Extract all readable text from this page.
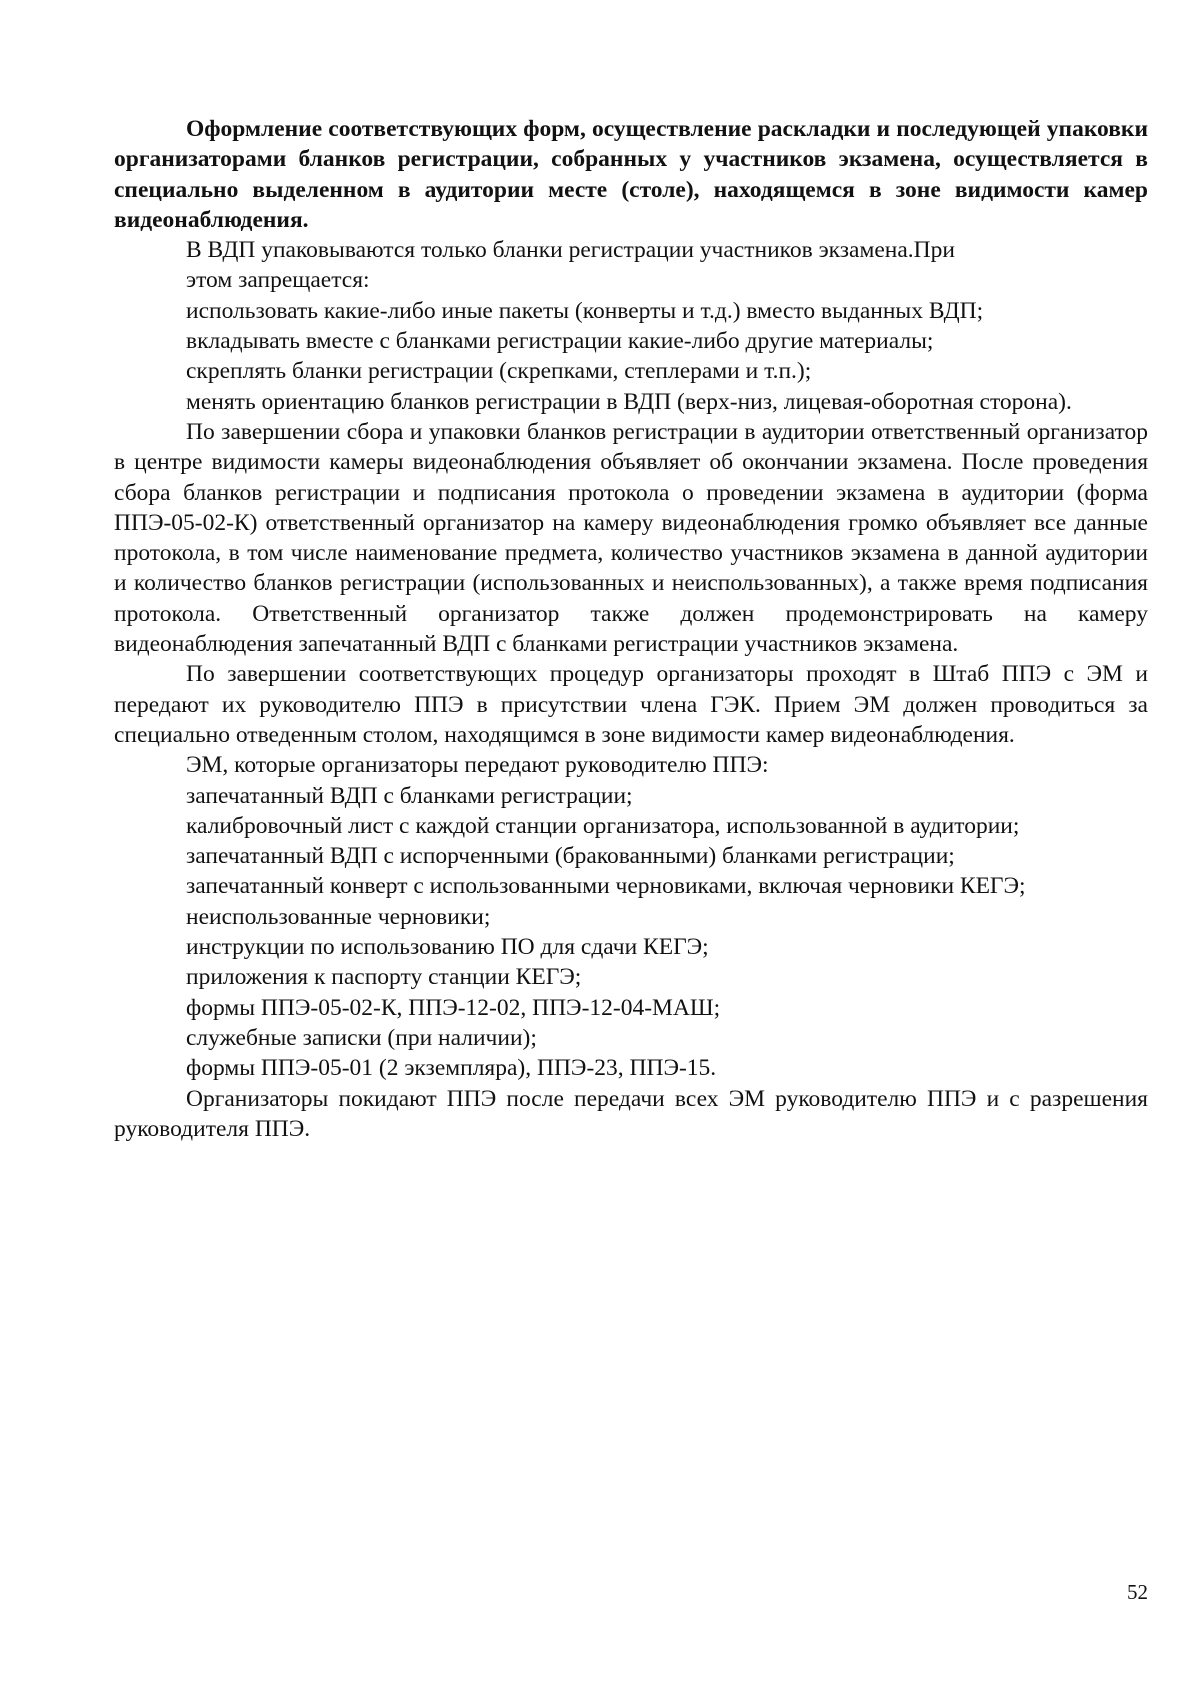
Оформление соответствующих форм, осуществление раскладки и последующей упаковки организаторами бланков регистрации, собранных у участников экзамена, осуществляется в специально выделенном в аудитории месте (столе), находящемся в зоне видимости камер видеонаблюдения.

В ВДП упаковываются только бланки регистрации участников экзамена.При

этом запрещается:

использовать какие-либо иные пакеты (конверты и т.д.) вместо выданных ВДП;

вкладывать вместе с бланками регистрации какие-либо другие материалы;

скреплять бланки регистрации (скрепками, степлерами и т.п.);

менять ориентацию бланков регистрации в ВДП (верх-низ, лицевая-оборотная сторона).

По завершении сбора и упаковки бланков регистрации в аудитории ответственный организатор в центре видимости камеры видеонаблюдения объявляет об окончании экзамена. После проведения сбора бланков регистрации и подписания протокола о проведении экзамена в аудитории (форма ППЭ-05-02-К) ответственный организатор на камеру видеонаблюдения громко объявляет все данные протокола, в том числе наименование предмета, количество участников экзамена в данной аудитории и количество бланков регистрации (использованных и неиспользованных), а также время подписания протокола. Ответственный организатор также должен продемонстрировать на камеру видеонаблюдения запечатанный ВДП с бланками регистрации участников экзамена.

По завершении соответствующих процедур организаторы проходят в Штаб ППЭ с ЭМ и передают их руководителю ППЭ в присутствии члена ГЭК. Прием ЭМ должен проводиться за специально отведенным столом, находящимся в зоне видимости камер видеонаблюдения.

ЭМ, которые организаторы передают руководителю ППЭ:

запечатанный ВДП с бланками регистрации;

калибровочный лист с каждой станции организатора, использованной в аудитории;

запечатанный ВДП с испорченными (бракованными) бланками регистрации;

запечатанный конверт с использованными черновиками, включая черновики КЕГЭ;

неиспользованные черновики;

инструкции по использованию ПО для сдачи КЕГЭ;

приложения к паспорту станции КЕГЭ;

формы ППЭ-05-02-К, ППЭ-12-02, ППЭ-12-04-МАШ;

служебные записки (при наличии);

формы ППЭ-05-01 (2 экземпляра), ППЭ-23, ППЭ-15.

Организаторы покидают ППЭ после передачи всех ЭМ руководителю ППЭ и с разрешения руководителя ППЭ.

52
